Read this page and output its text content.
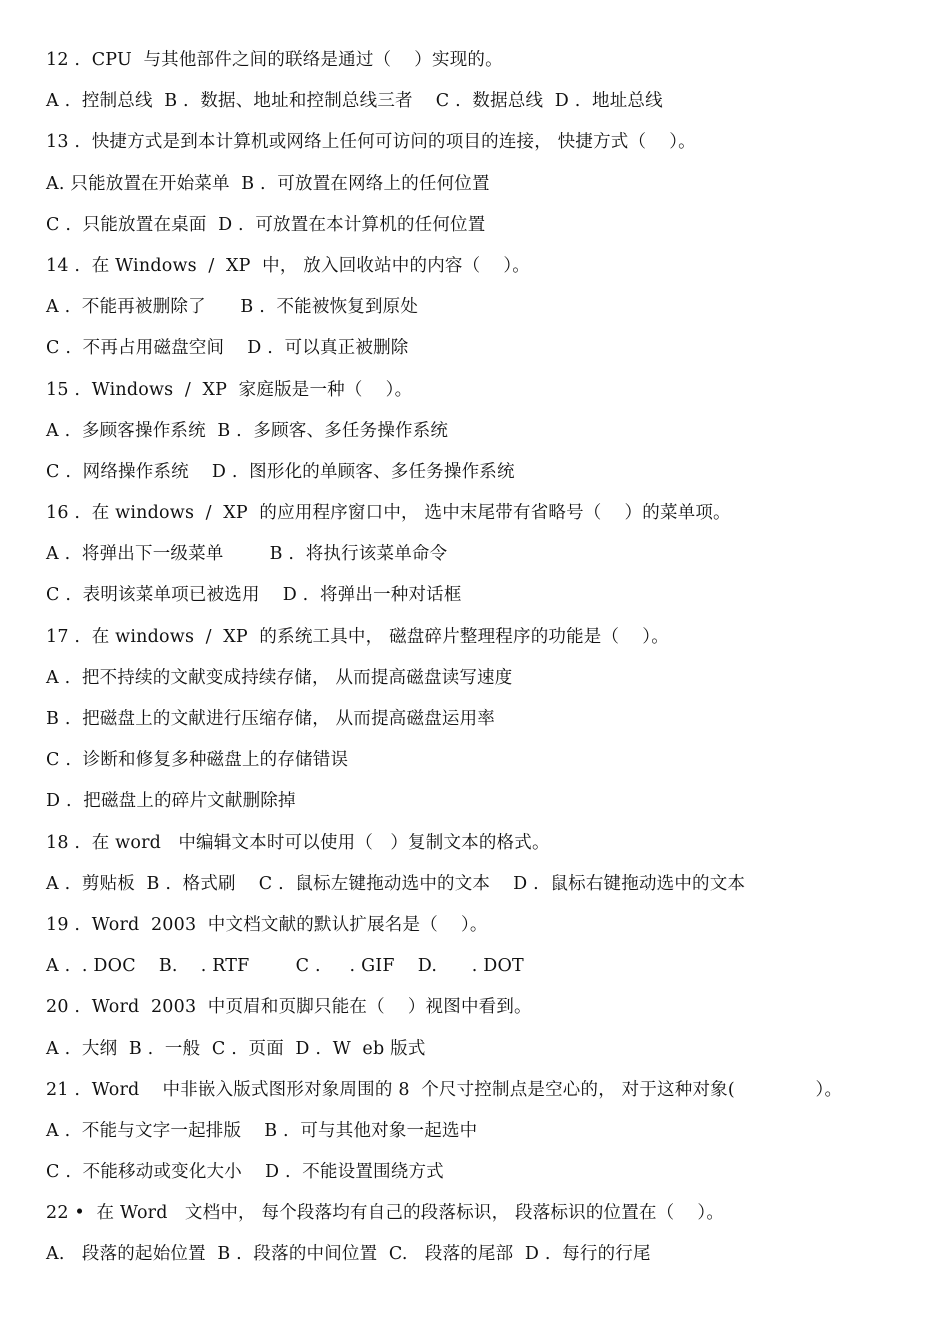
12 .  CPU  与其他部件之间的联络是通过（    ）实现的。
A .  控制总线  B .  数据、地址和控制总线三者    C .  数据总线  D .  地址总线
13 .  快捷方式是到本计算机或网络上任何可访问的项目的连接， 快捷方式（    ）。
A. 只能放置在开始菜单  B .  可放置在网络上的任何位置
C .  只能放置在桌面  D .  可放置在本计算机的任何位置
14 .  在 Windows  /  XP  中， 放入回收站中的内容（    ）。
A .  不能再被删除了      B .  不能被恢复到原处
C .  不再占用磁盘空间    D .  可以真正被删除
15 .  Windows  /  XP  家庭版是一种（    ）。
A .  多顾客操作系统  B .  多顾客、多任务操作系统
C .  网络操作系统    D .  图形化的单顾客、多任务操作系统
16 .  在 windows  /  XP  的应用程序窗口中， 选中末尾带有省略号（    ）的菜单项。
A .  将弹出下一级菜单        B .  将执行该菜单命令
C .  表明该菜单项已被选用    D .  将弹出一种对话框
17 .  在 windows  /  XP  的系统工具中， 磁盘碎片整理程序的功能是（    ）。
A .  把不持续的文献变成持续存储， 从而提高磁盘读写速度
B .  把磁盘上的文献进行压缩存储， 从而提高磁盘运用率
C .  诊断和修复多种磁盘上的存储错误
D .  把磁盘上的碎片文献删除掉
18 .  在 word   中编辑文本时可以使用（   ）复制文本的格式。
A .  剪贴板  B .  格式刷    C .  鼠标左键拖动选中的文本    D .  鼠标右键拖动选中的文本
19 .  Word  2003  中文档文献的默认扩展名是（    ）。
A .  . DOC    B.    . RTF        C .     . GIF    D.      . DOT
20 .  Word  2003  中页眉和页脚只能在（    ）视图中看到。
A .  大纲  B .  一般  C .  页面  D .  W  eb 版式
21 .  Word    中非嵌入版式图形对象周围的 8  个尺寸控制点是空心的， 对于这种对象(              ）。
A .  不能与文字一起排版    B .  可与其他对象一起选中
C .  不能移动或变化大小    D .  不能设置围绕方式
22 •  在 Word   文档中， 每个段落均有自己的段落标识， 段落标识的位置在（    ）。
A.   段落的起始位置  B .  段落的中间位置  C.   段落的尾部  D .  每行的行尾
